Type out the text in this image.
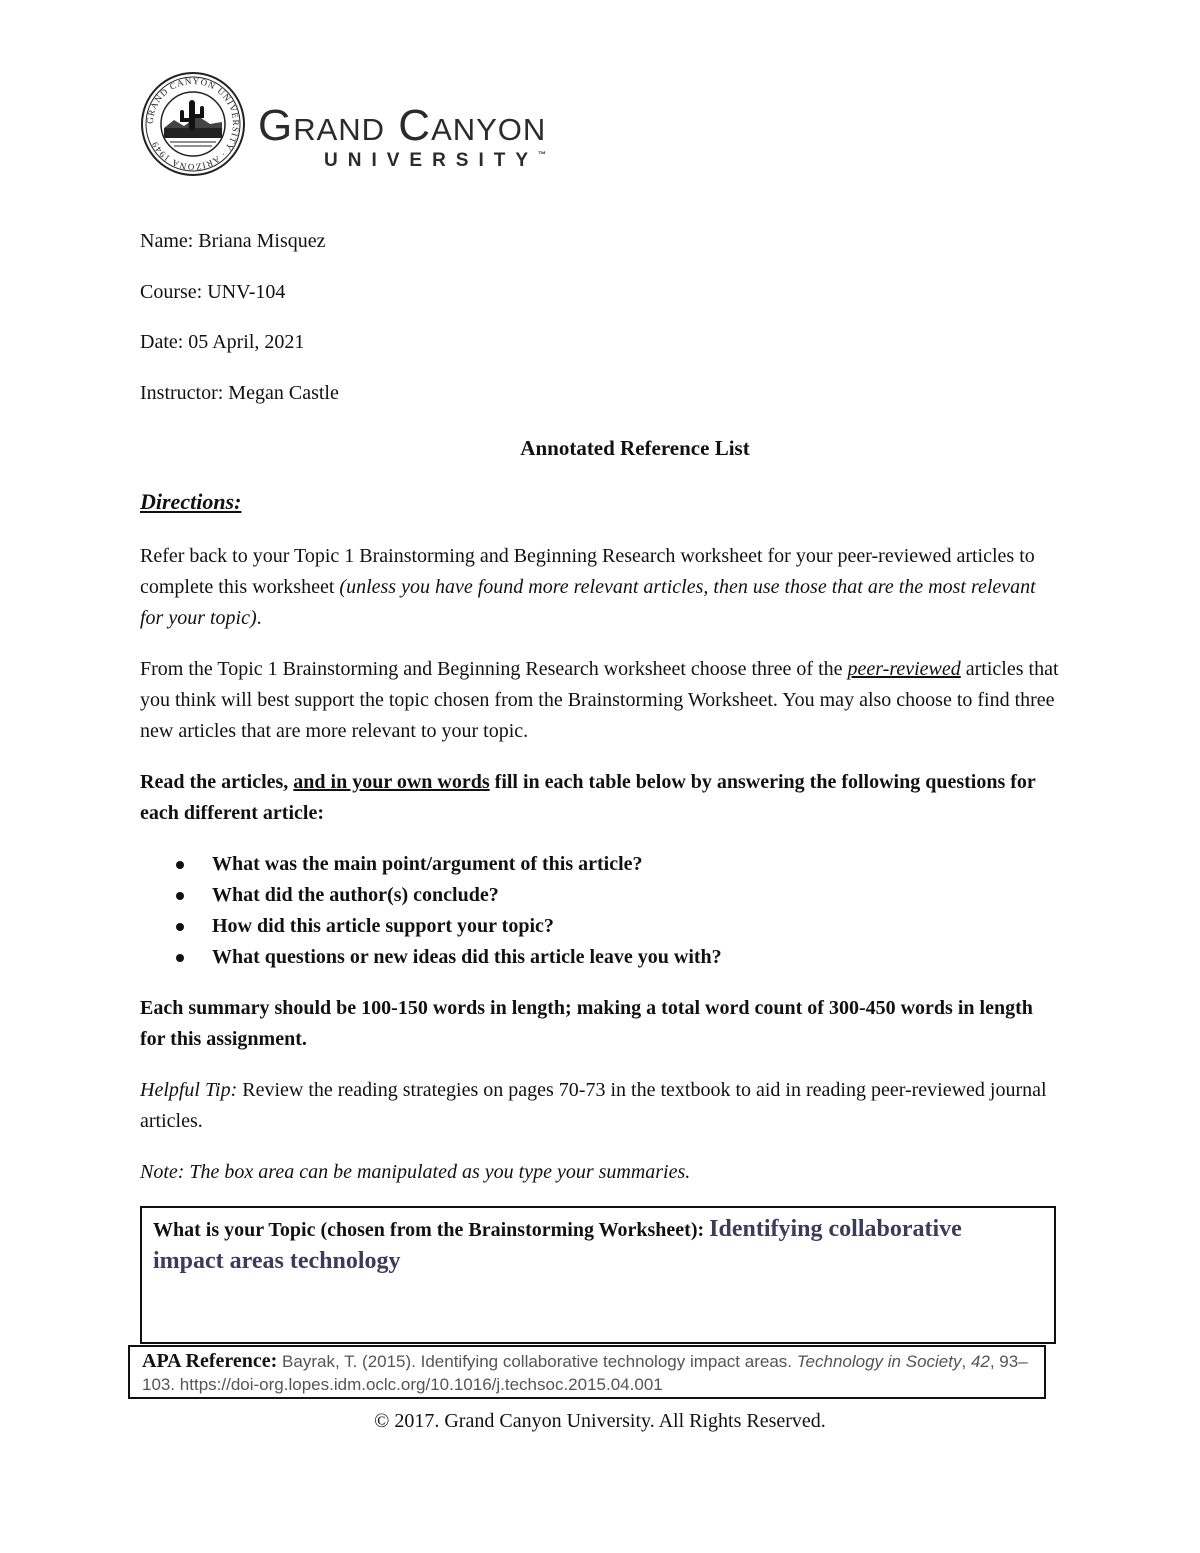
GRAND CANYON UNIVERSITY · ARIZONA 1949	Grand Canyon
UNIVERSITY™
Name: Briana Misquez
Course: UNV-104
Date: 05 April, 2021
Instructor: Megan Castle
Annotated Reference List
Directions:
Refer back to your Topic 1 Brainstorming and Beginning Research worksheet for your peer-reviewed articles to complete this worksheet (unless you have found more relevant articles, then use those that are the most relevant for your topic).
From the Topic 1 Brainstorming and Beginning Research worksheet choose three of the peer-reviewed articles that you think will best support the topic chosen from the Brainstorming Worksheet. You may also choose to find three new articles that are more relevant to your topic.
Read the articles, and in your own words fill in each table below by answering the following questions for each different article:
What was the main point/argument of this article?
What did the author(s) conclude?
How did this article support your topic?
What questions or new ideas did this article leave you with?
Each summary should be 100-150 words in length; making a total word count of 300-450 words in length for this assignment.
Helpful Tip: Review the reading strategies on pages 70-73 in the textbook to aid in reading peer-reviewed journal articles.
Note: The box area can be manipulated as you type your summaries.
What is your Topic (chosen from the Brainstorming Worksheet): Identifying collaborative impact areas technology
APA Reference: Bayrak, T. (2015). Identifying collaborative technology impact areas. Technology in Society, 42, 93–103. https://doi-org.lopes.idm.oclc.org/10.1016/j.techsoc.2015.04.001
© 2017. Grand Canyon University. All Rights Reserved.
